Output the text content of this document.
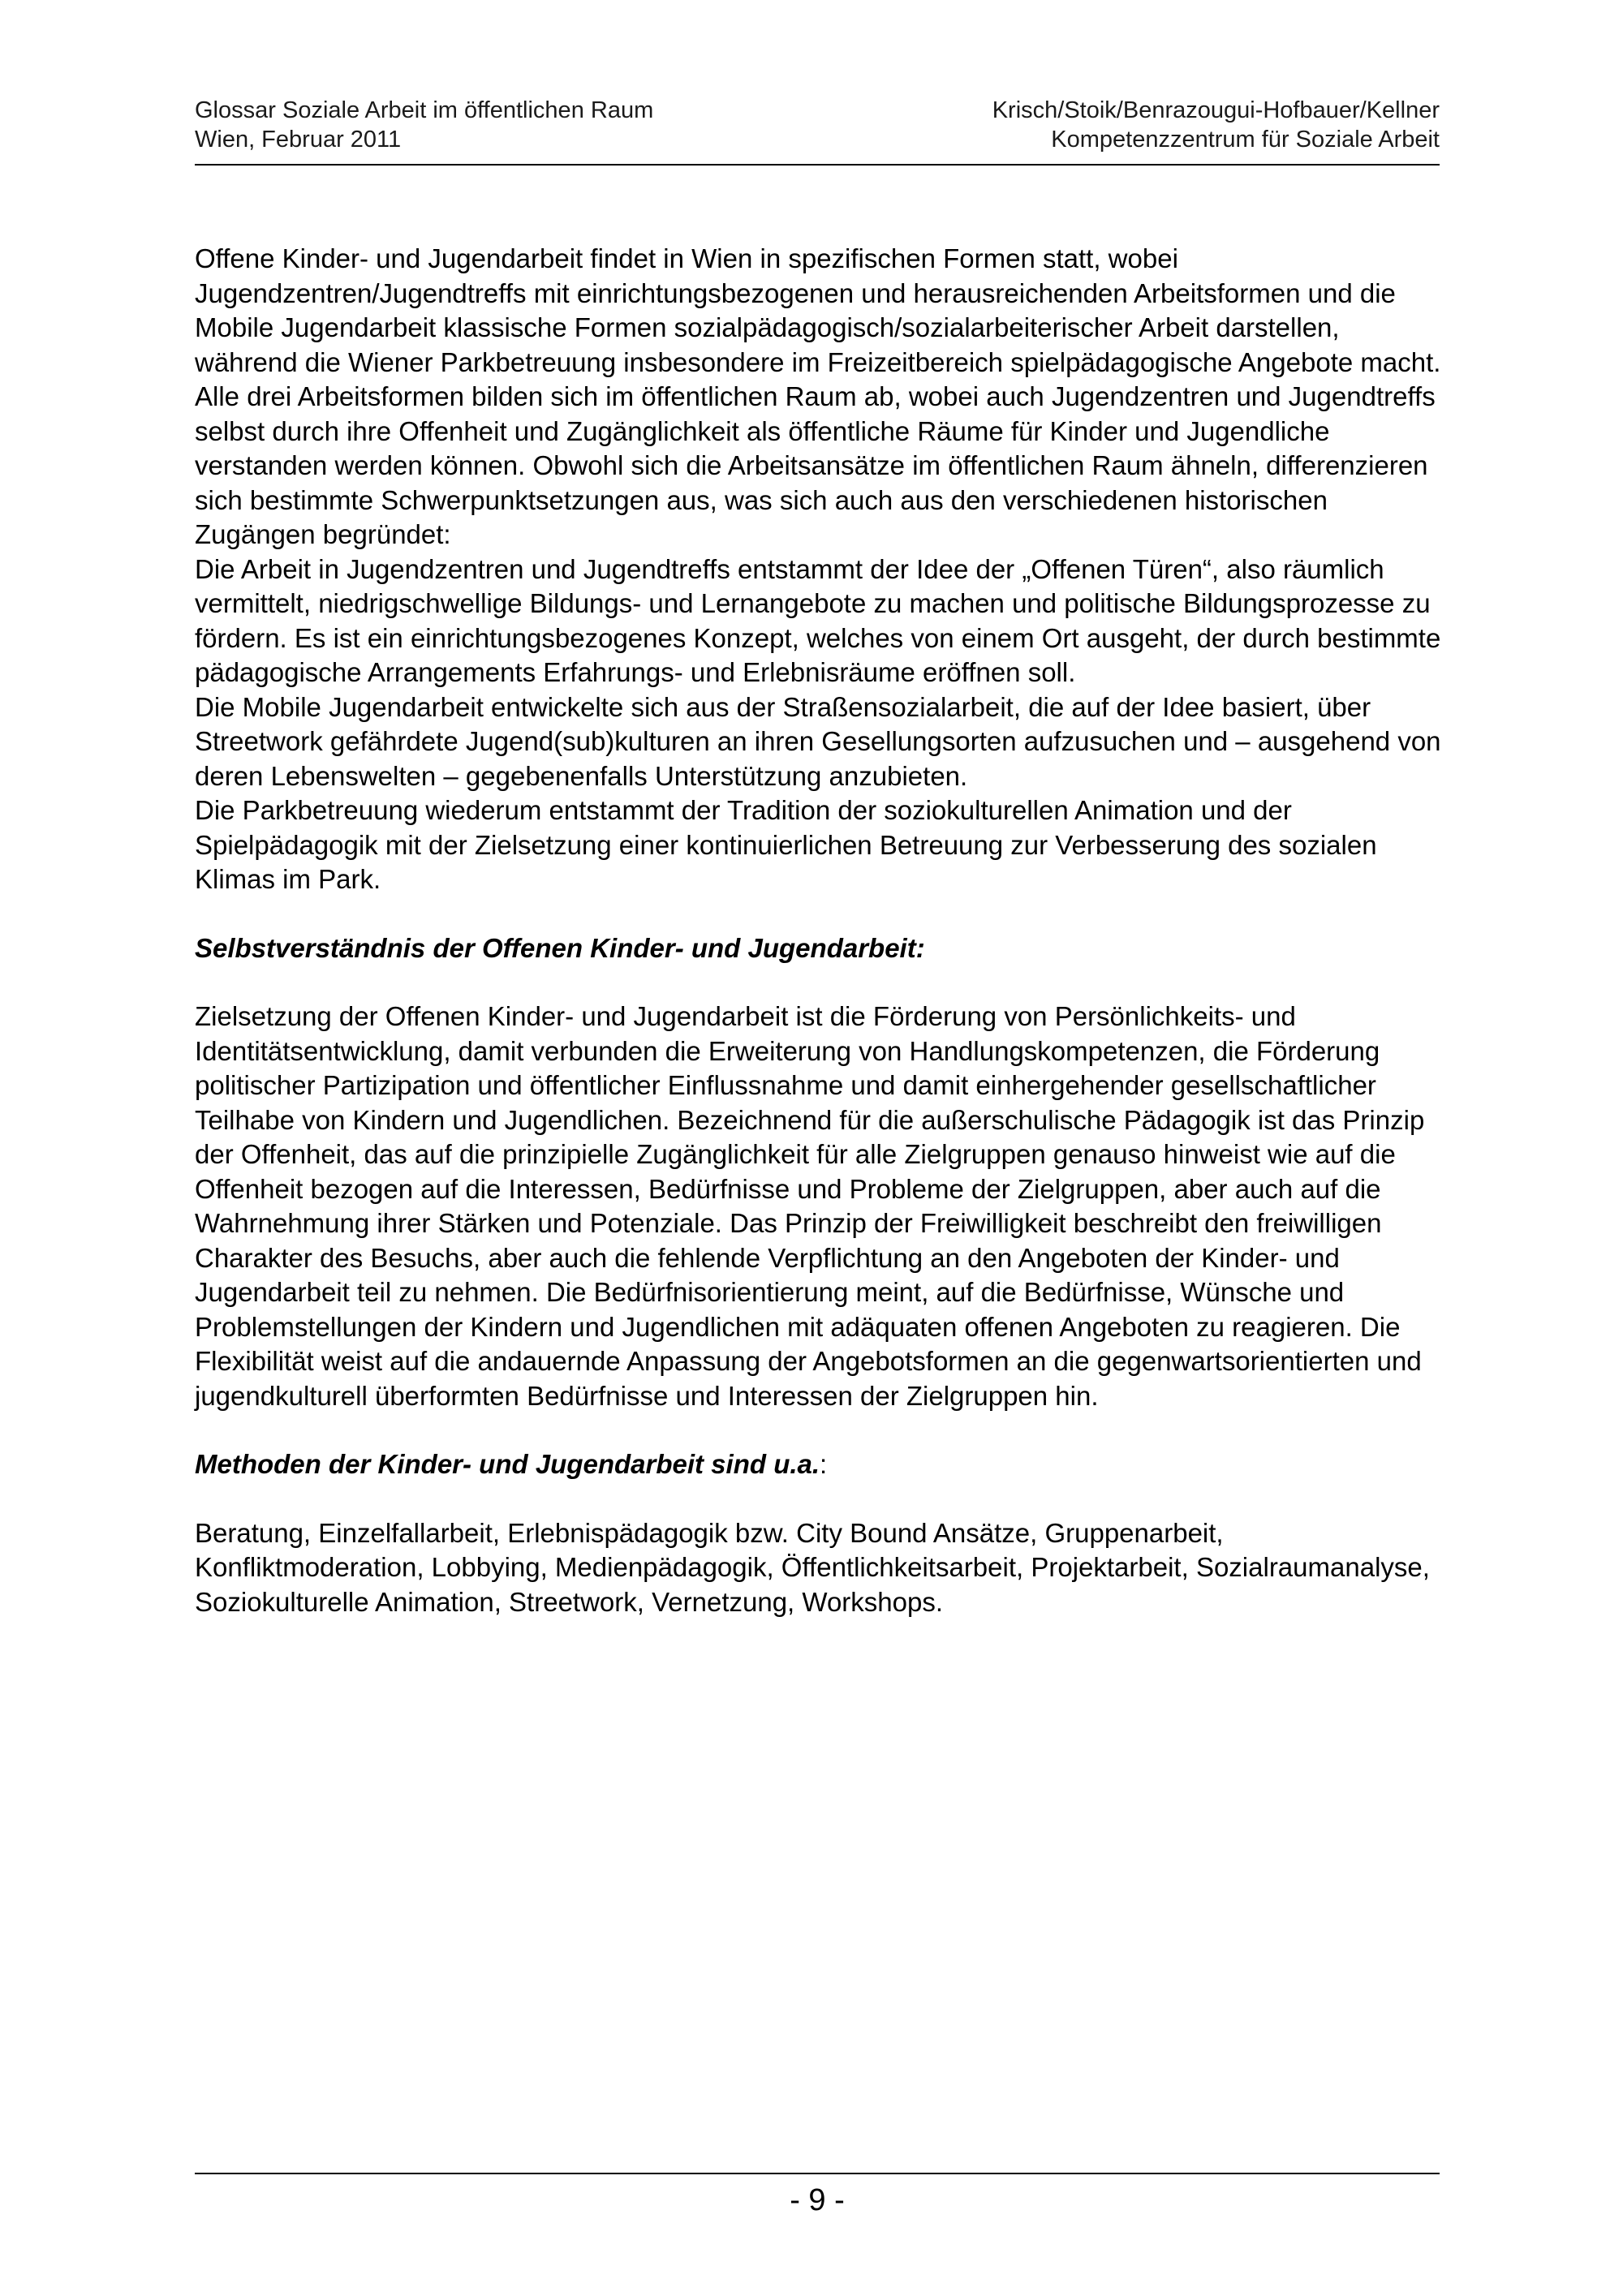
Glossar Soziale Arbeit im öffentlichen Raum
Wien, Februar 2011
Krisch/Stoik/Benrazougui-Hofbauer/Kellner
Kompetenzzentrum für Soziale Arbeit

Offene Kinder- und Jugendarbeit findet in Wien in spezifischen Formen statt, wobei Jugendzentren/Jugendtreffs mit einrichtungsbezogenen und herausreichenden Arbeitsformen und die Mobile Jugendarbeit klassische Formen sozialpädagogisch/sozialarbeiterischer Arbeit darstellen, während die Wiener Parkbetreuung insbesondere im Freizeitbereich spielpädagogische Angebote macht.

Alle drei Arbeitsformen bilden sich im öffentlichen Raum ab, wobei auch Jugendzentren und Jugendtreffs selbst durch ihre Offenheit und Zugänglichkeit als öffentliche Räume für Kinder und Jugendliche verstanden werden können. Obwohl sich die Arbeitsansätze im öffentlichen Raum ähneln, differenzieren sich bestimmte Schwerpunktsetzungen aus, was sich auch aus den verschiedenen historischen Zugängen begründet:

Die Arbeit in Jugendzentren und Jugendtreffs entstammt der Idee der „Offenen Türen“, also räumlich vermittelt, niedrigschwellige Bildungs- und Lernangebote zu machen und politische Bildungsprozesse zu fördern. Es ist ein einrichtungsbezogenes Konzept, welches von einem Ort ausgeht, der durch bestimmte pädagogische Arrangements Erfahrungs- und Erlebnisräume eröffnen soll.

Die Mobile Jugendarbeit entwickelte sich aus der Straßensozialarbeit, die auf der Idee basiert, über Streetwork gefährdete Jugend(sub)kulturen an ihren Gesellungsorten aufzusuchen und – ausgehend von deren Lebenswelten – gegebenenfalls Unterstützung anzubieten.

Die Parkbetreuung wiederum entstammt der Tradition der soziokulturellen Animation und der Spielpädagogik mit der Zielsetzung einer kontinuierlichen Betreuung zur Verbesserung des sozialen Klimas im Park.

Selbstverständnis der Offenen Kinder- und Jugendarbeit:

Zielsetzung der Offenen Kinder- und Jugendarbeit ist die Förderung von Persönlichkeits- und Identitätsentwicklung, damit verbunden die Erweiterung von Handlungskompetenzen, die Förderung politischer Partizipation und öffentlicher Einflussnahme und damit einhergehender gesellschaftlicher Teilhabe von Kindern und Jugendlichen. Bezeichnend für die außerschulische Pädagogik ist das Prinzip der Offenheit, das auf die prinzipielle Zugänglichkeit für alle Zielgruppen genauso hinweist wie auf die Offenheit bezogen auf die Interessen, Bedürfnisse und Probleme der Zielgruppen, aber auch auf die Wahrnehmung ihrer Stärken und Potenziale. Das Prinzip der Freiwilligkeit beschreibt den freiwilligen Charakter des Besuchs, aber auch die fehlende Verpflichtung an den Angeboten der Kinder- und Jugendarbeit teil zu nehmen. Die Bedürfnisorientierung meint, auf die Bedürfnisse, Wünsche und Problemstellungen der Kindern und Jugendlichen mit adäquaten offenen Angeboten zu reagieren. Die Flexibilität weist auf die andauernde Anpassung der Angebotsformen an die gegenwartsorientierten und jugendkulturell überformten Bedürfnisse und Interessen der Zielgruppen hin.

Methoden der Kinder- und Jugendarbeit sind u.a.:

Beratung, Einzelfallarbeit, Erlebnispädagogik bzw. City Bound Ansätze, Gruppenarbeit, Konfliktmoderation, Lobbying, Medienpädagogik, Öffentlichkeitsarbeit, Projektarbeit, Sozialraumanalyse, Soziokulturelle Animation, Streetwork, Vernetzung, Workshops.

- 9 -
